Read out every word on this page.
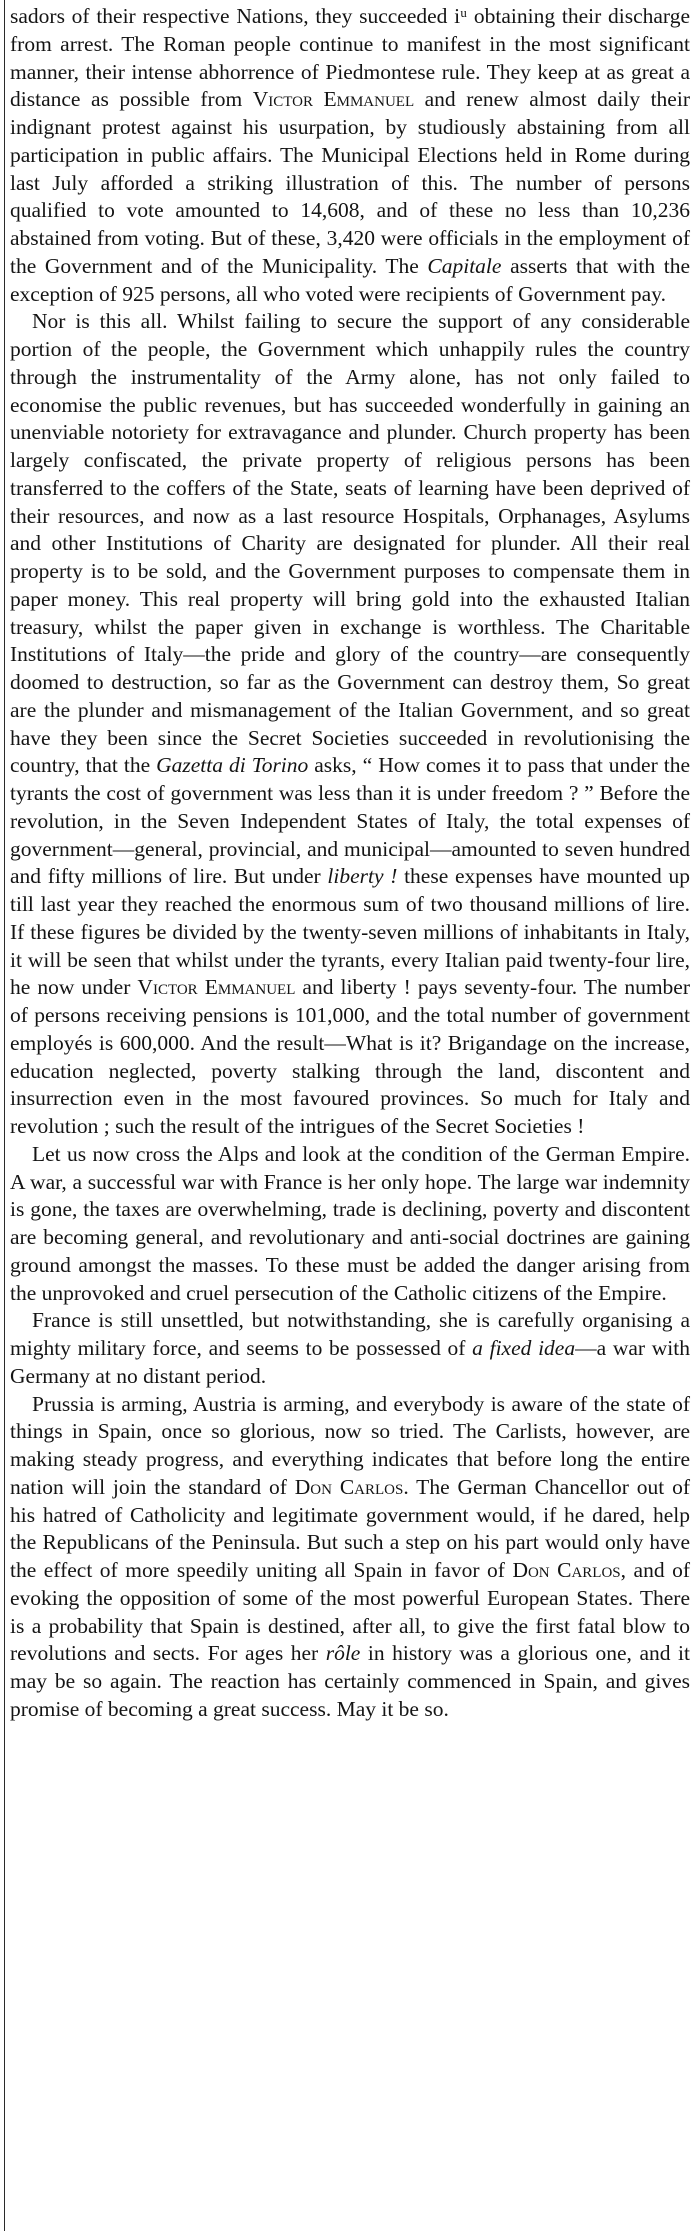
sadors of their respective Nations, they succeeded iᵘ obtaining their discharge from arrest. The Roman people continue to manifest in the most significant manner, their intense abhorrence of Piedmontese rule. They keep at as great a distance as possible from Victor Emmanuel and renew almost daily their indignant protest against his usurpation, by studiously abstaining from all participation in public affairs. The Municipal Elections held in Rome during last July afforded a striking illustration of this. The number of persons qualified to vote amounted to 14,608, and of these no less than 10,236 abstained from voting. But of these, 3,420 were officials in the employment of the Government and of the Municipality. The Capitale asserts that with the exception of 925 persons, all who voted were recipients of Government pay.

Nor is this all. Whilst failing to secure the support of any considerable portion of the people, the Government which unhappily rules the country through the instrumentality of the Army alone, has not only failed to economise the public revenues, but has succeeded wonderfully in gaining an unenviable notoriety for extravagance and plunder. Church property has been largely confiscated, the private property of religious persons has been transferred to the coffers of the State, seats of learning have been deprived of their resources, and now as a last resource Hospitals, Orphanages, Asylums and other Institutions of Charity are designated for plunder. All their real property is to be sold, and the Government purposes to compensate them in paper money. This real property will bring gold into the exhausted Italian treasury, whilst the paper given in exchange is worthless. The Charitable Institutions of Italy—the pride and glory of the country—are consequently doomed to destruction, so far as the Government can destroy them, So great are the plunder and mismanagement of the Italian Government, and so great have they been since the Secret Societies succeeded in revolutionising the country, that the Gazetta di Torino asks, “ How comes it to pass that under the tyrants the cost of government was less than it is under freedom ? ” Before the revolution, in the Seven Independent States of Italy, the total expenses of government—general, provincial, and municipal—amounted to seven hundred and fifty millions of lire. But under liberty ! these expenses have mounted up till last year they reached the enormous sum of two thousand millions of lire. If these figures be divided by the twenty-seven millions of inhabitants in Italy, it will be seen that whilst under the tyrants, every Italian paid twenty-four lire, he now under Victor Emmanuel and liberty ! pays seventy-four. The number of persons receiving pensions is 101,000, and the total number of government employés is 600,000. And the result—What is it? Brigandage on the increase, education neglected, poverty stalking through the land, discontent and insurrection even in the most favoured provinces. So much for Italy and revolution ; such the result of the intrigues of the Secret Societies !

Let us now cross the Alps and look at the condition of the German Empire. A war, a successful war with France is her only hope. The large war indemnity is gone, the taxes are overwhelming, trade is declining, poverty and discontent are becoming general, and revolutionary and anti-social doctrines are gaining ground amongst the masses. To these must be added the danger arising from the unprovoked and cruel persecution of the Catholic citizens of the Empire.

France is still unsettled, but notwithstanding, she is carefully organising a mighty military force, and seems to be possessed of a fixed idea—a war with Germany at no distant period.

Prussia is arming, Austria is arming, and everybody is aware of the state of things in Spain, once so glorious, now so tried. The Carlists, however, are making steady progress, and everything indicates that before long the entire nation will join the standard of Don Carlos. The German Chancellor out of his hatred of Catholicity and legitimate government would, if he dared, help the Republicans of the Peninsula. But such a step on his part would only have the effect of more speedily uniting all Spain in favor of Don Carlos, and of evoking the opposition of some of the most powerful European States. There is a probability that Spain is destined, after all, to give the first fatal blow to revolutions and sects. For ages her rôle in history was a glorious one, and it may be so again. The reaction has certainly commenced in Spain, and gives promise of becoming a great success. May it be so.
